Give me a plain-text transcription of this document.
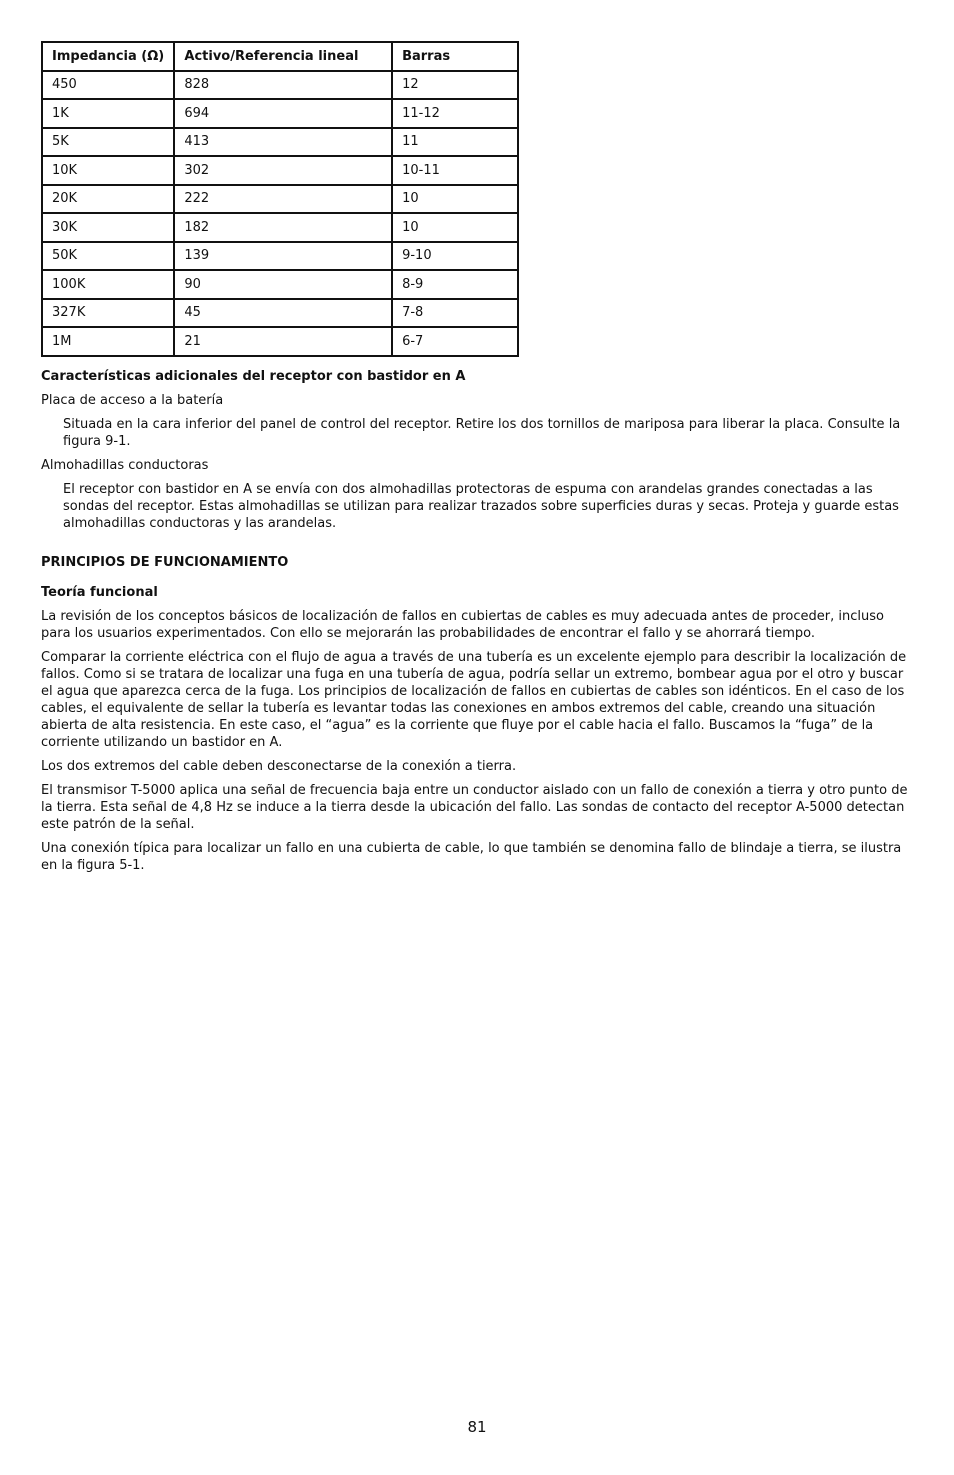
Impedancia (Ω)	Activo/Referencia lineal	Barras
450	828	12
1K	694	11-12
5K	413	11
10K	302	10-11
20K	222	10
30K	182	10
50K	139	9-10
100K	90	8-9
327K	45	7-8
1M	21	6-7

Características adicionales del receptor con bastidor en A

Placa de acceso a la batería

Situada en la cara inferior del panel de control del receptor. Retire los dos tornillos de mariposa para liberar la placa. Consulte la figura 9-1.

Almohadillas conductoras

El receptor con bastidor en A se envía con dos almohadillas protectoras de espuma con arandelas grandes conectadas a las sondas del receptor. Estas almohadillas se utilizan para realizar trazados sobre superficies duras y secas. Proteja y guarde estas almohadillas conductoras y las arandelas.

PRINCIPIOS DE FUNCIONAMIENTO

Teoría funcional

La revisión de los conceptos básicos de localización de fallos en cubiertas de cables es muy adecuada antes de proceder, incluso para los usuarios experimentados. Con ello se mejorarán las probabilidades de encontrar el fallo y se ahorrará tiempo.

Comparar la corriente eléctrica con el flujo de agua a través de una tubería es un excelente ejemplo para describir la localización de fallos. Como si se tratara de localizar una fuga en una tubería de agua, podría sellar un extremo, bombear agua por el otro y buscar el agua que aparezca cerca de la fuga. Los principios de localización de fallos en cubiertas de cables son idénticos. En el caso de los cables, el equivalente de sellar la tubería es levantar todas las conexiones en ambos extremos del cable, creando una situación abierta de alta resistencia. En este caso, el “agua” es la corriente que fluye por el cable hacia el fallo. Buscamos la “fuga” de la corriente utilizando un bastidor en A.

Los dos extremos del cable deben desconectarse de la conexión a tierra.

El transmisor T-5000 aplica una señal de frecuencia baja entre un conductor aislado con un fallo de conexión a tierra y otro punto de la tierra. Esta señal de 4,8 Hz se induce a la tierra desde la ubicación del fallo. Las sondas de contacto del receptor A-5000 detectan este patrón de la señal.

Una conexión típica para localizar un fallo en una cubierta de cable, lo que también se denomina fallo de blindaje a tierra, se ilustra en la figura 5-1.

81
